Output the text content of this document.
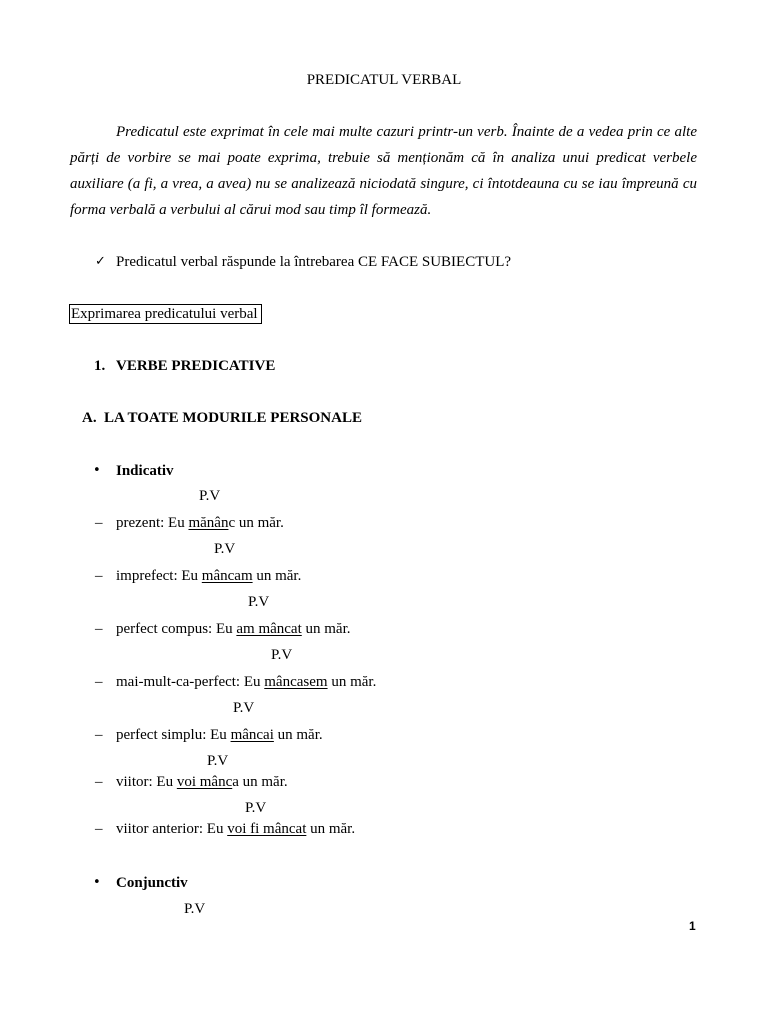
PREDICATUL VERBAL
Predicatul este exprimat în cele mai multe cazuri printr-un verb. Înainte de a vedea prin ce alte
părți de vorbire se mai poate exprima, trebuie să menționăm că în analiza unui predicat verbele
auxiliare (a fi, a vrea, a avea) nu se analizează niciodată singure, ci întotdeauna cu se iau împreună cu
forma verbală a verbului al cărui mod sau timp îl formează.
✓ Predicatul verbal răspunde la întrebarea CE FACE SUBIECTUL?
Exprimarea predicatului verbal
1. VERBE PREDICATIVE
A. LA TOATE MODURILE PERSONALE
• Indicativ
P.V
– prezent: Eu mănânc un măr.
P.V
– imprefect: Eu mâncam un măr.
P.V
– perfect compus: Eu am mâncat un măr.
P.V
– mai-mult-ca-perfect: Eu mâncasem un măr.
P.V
– perfect simplu: Eu mâncai un măr.
P.V
– viitor: Eu voi mânca un măr.
P.V
– viitor anterior: Eu voi fi mâncat un măr.
• Conjunctiv
P.V
1
